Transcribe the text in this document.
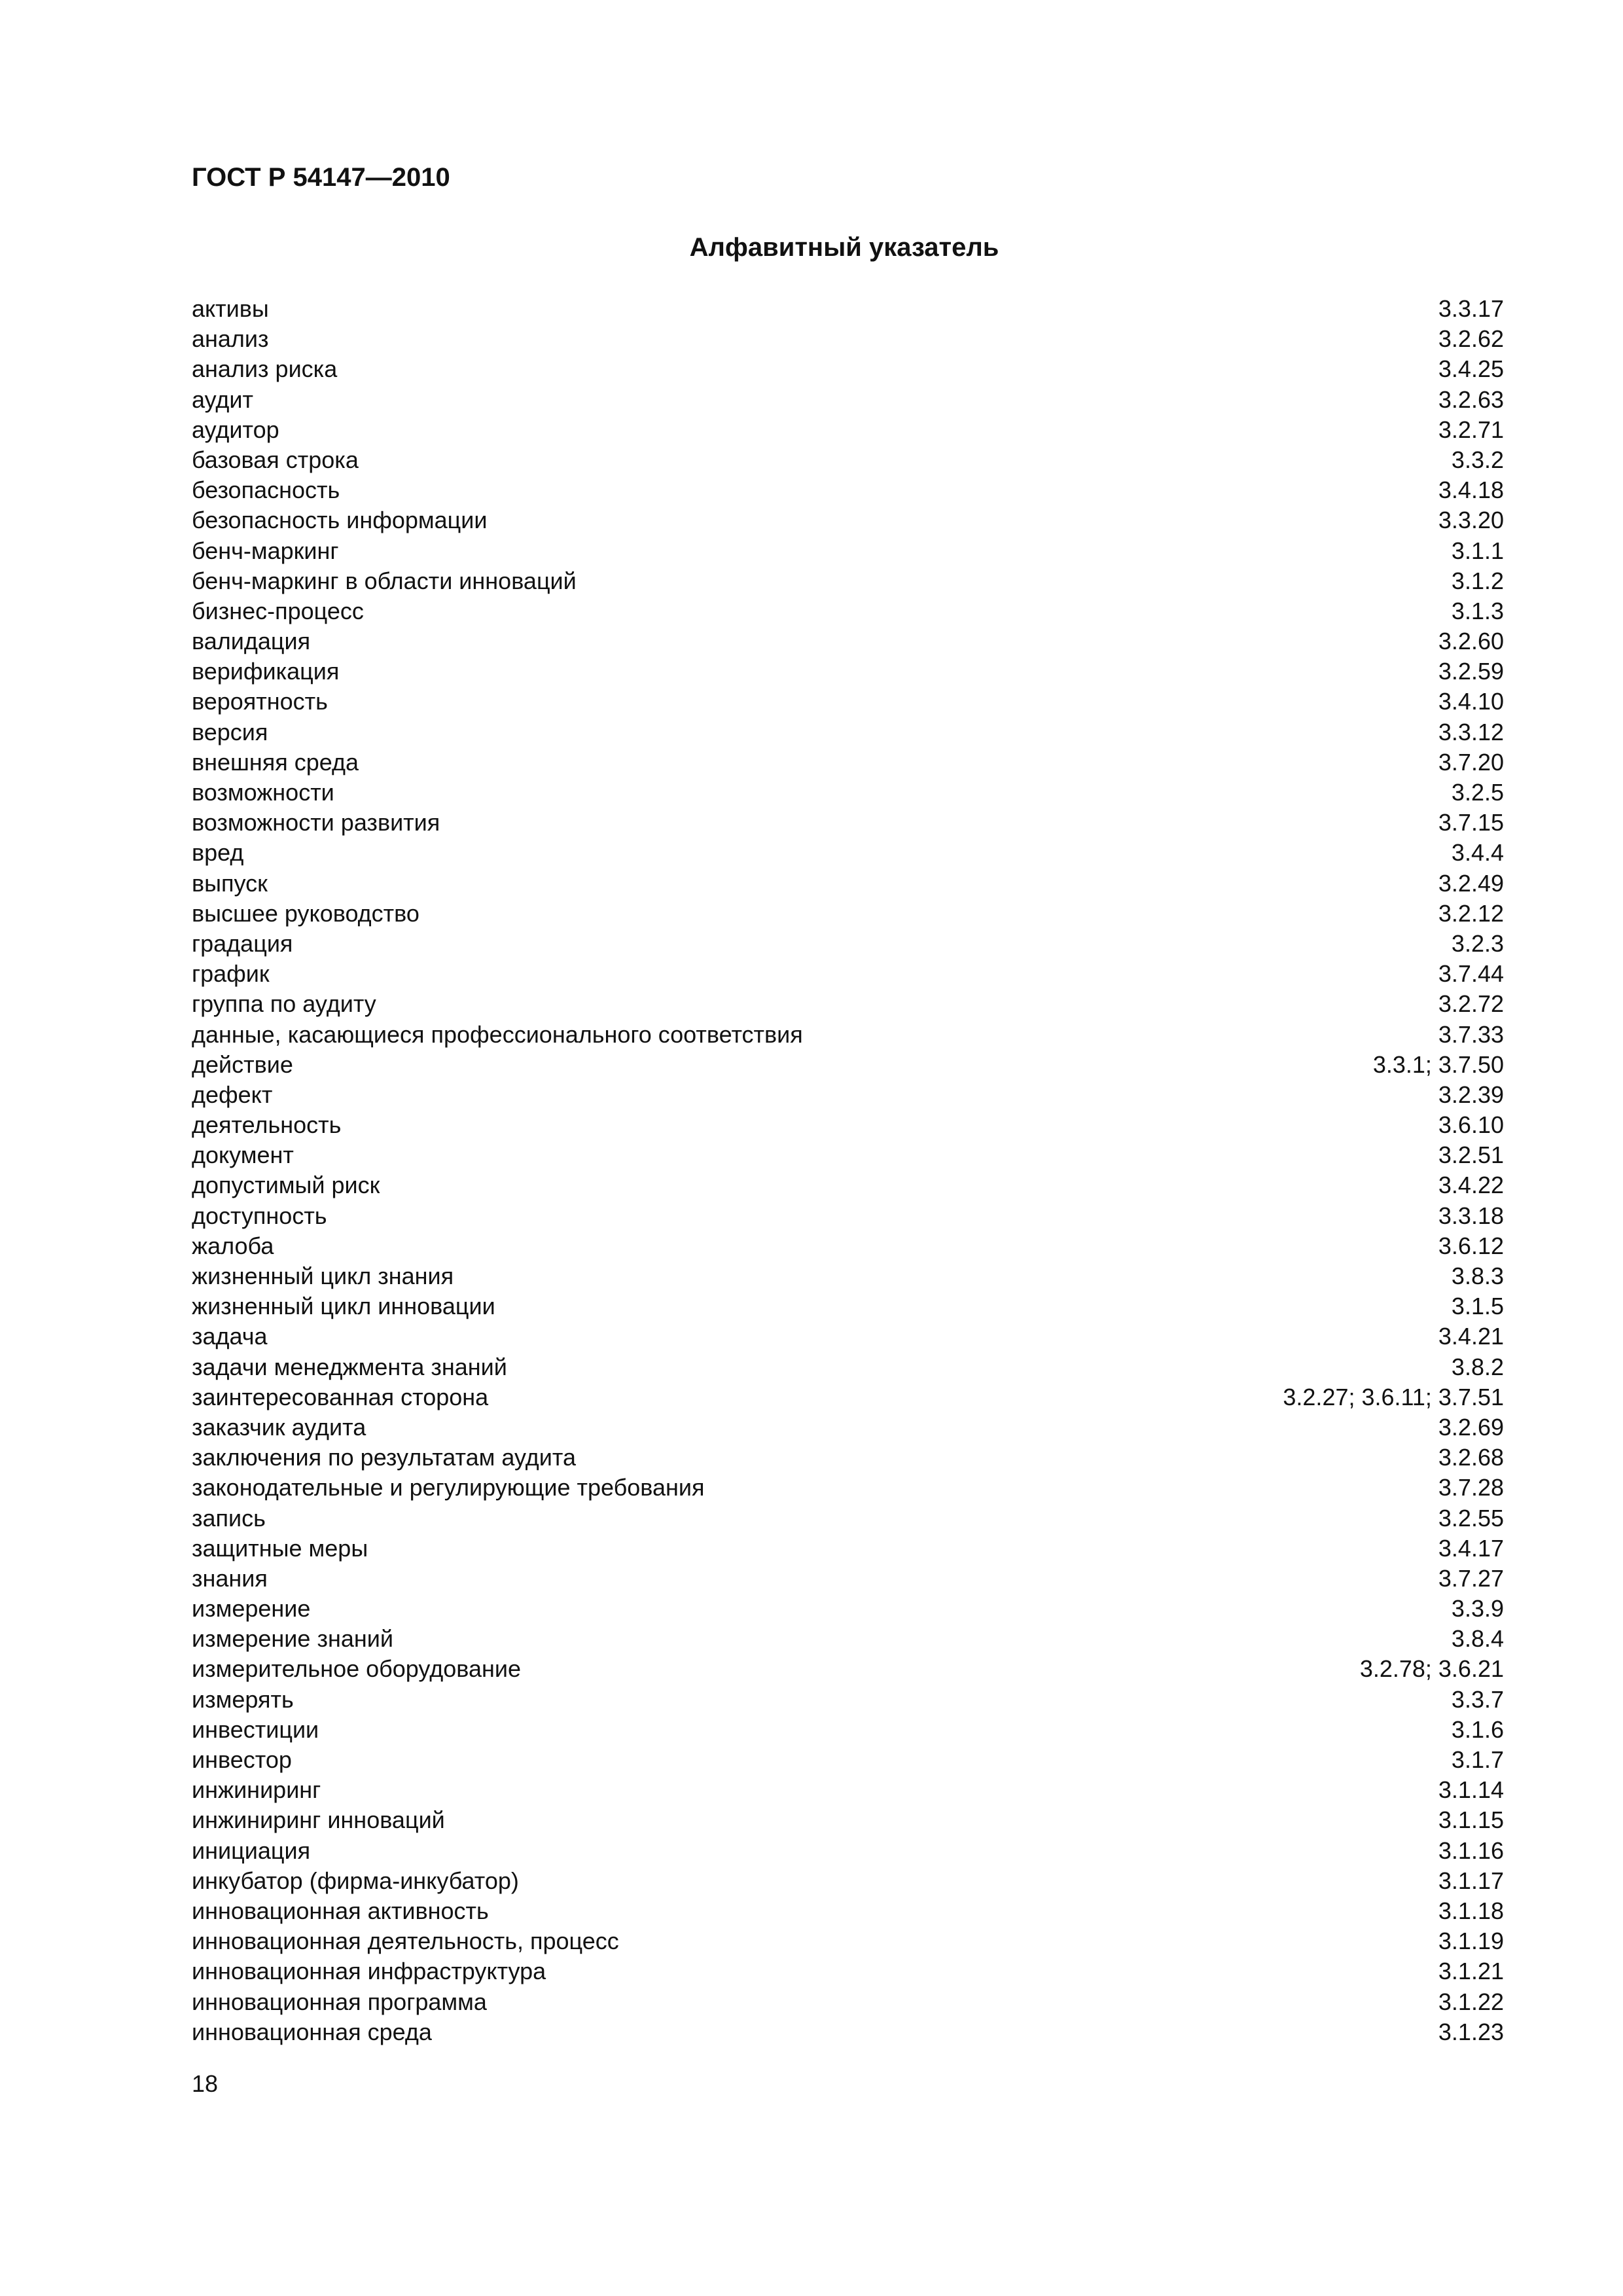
ГОСТ Р 54147—2010
Алфавитный указатель
активы	3.3.17
анализ	3.2.62
анализ риска	3.4.25
аудит	3.2.63
аудитор	3.2.71
базовая строка	3.3.2
безопасность	3.4.18
безопасность информации	3.3.20
бенч-маркинг	3.1.1
бенч-маркинг в области инноваций	3.1.2
бизнес-процесс	3.1.3
валидация	3.2.60
верификация	3.2.59
вероятность	3.4.10
версия	3.3.12
внешняя среда	3.7.20
возможности	3.2.5
возможности развития	3.7.15
вред	3.4.4
выпуск	3.2.49
высшее руководство	3.2.12
градация	3.2.3
график	3.7.44
группа по аудиту	3.2.72
данные, касающиеся профессионального соответствия	3.7.33
действие	3.3.1; 3.7.50
дефект	3.2.39
деятельность	3.6.10
документ	3.2.51
допустимый риск	3.4.22
доступность	3.3.18
жалоба	3.6.12
жизненный цикл знания	3.8.3
жизненный цикл инновации	3.1.5
задача	3.4.21
задачи менеджмента знаний	3.8.2
заинтересованная сторона	3.2.27; 3.6.11; 3.7.51
заказчик аудита	3.2.69
заключения по результатам аудита	3.2.68
законодательные и регулирующие требования	3.7.28
запись	3.2.55
защитные меры	3.4.17
знания	3.7.27
измерение	3.3.9
измерение знаний	3.8.4
измерительное оборудование	3.2.78; 3.6.21
измерять	3.3.7
инвестиции	3.1.6
инвестор	3.1.7
инжиниринг	3.1.14
инжиниринг инноваций	3.1.15
инициация	3.1.16
инкубатор (фирма-инкубатор)	3.1.17
инновационная активность	3.1.18
инновационная деятельность, процесс	3.1.19
инновационная инфраструктура	3.1.21
инновационная программа	3.1.22
инновационная среда	3.1.23
18
